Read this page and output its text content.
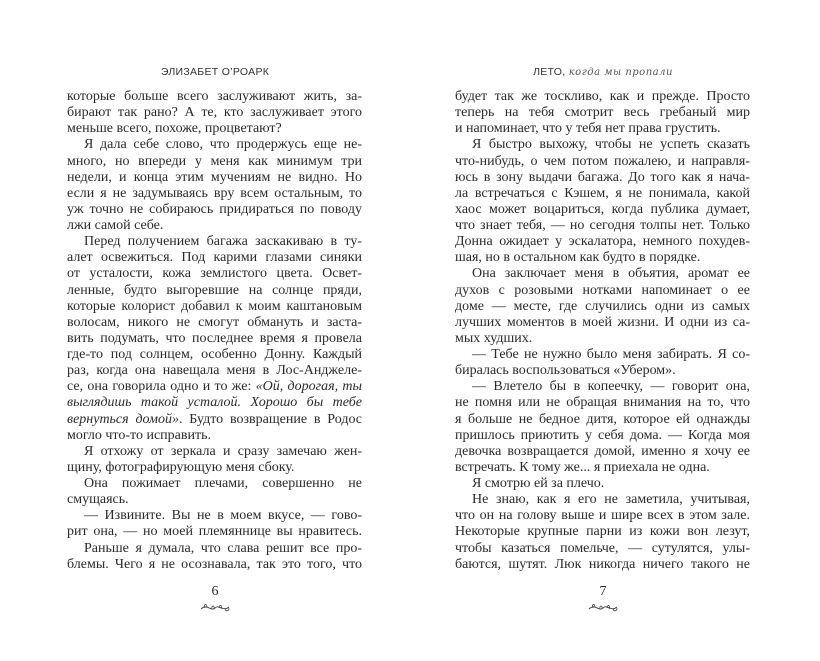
ЭЛИЗАБЕТ О’РОАРК
которые больше всего заслуживают жить, за-
бирают так рано? А те, кто заслуживает этого
меньше всего, похоже, процветают?
Я дала себе слово, что продержусь еще не-
много, но впереди у меня как минимум три
недели, и конца этим мучениям не видно. Но
если я не задумываясь вру всем остальным, то
уж точно не собираюсь придираться по поводу
лжи самой себе.
Перед получением багажа заскакиваю в ту-
алет освежиться. Под карими глазами синяки
от усталости, кожа землистого цвета. Освет-
ленные, будто выгоревшие на солнце пряди,
которые колорист добавил к моим каштановым
волосам, никого не смогут обмануть и заста-
вить подумать, что последнее время я провела
где-то под солнцем, особенно Донну. Каждый
раз, когда она навещала меня в Лос-Анджеле-
се, она говорила одно и то же: «Ой, дорогая, ты
выглядишь такой усталой. Хорошо бы тебе
вернуться домой». Будто возвращение в Родос
могло что-то исправить.
Я отхожу от зеркала и сразу замечаю жен-
щину, фотографирующую меня сбоку.
Она пожимает плечами, совершенно не
смущаясь.
— Извините. Вы не в моем вкусе, — гово-
рит она, — но моей племяннице вы нравитесь.
Раньше я думала, что слава решит все про-
блемы. Чего я не осознавала, так это того, что
6
ЛЕТО, когда мы пропали
будет так же тоскливо, как и прежде. Просто
теперь на тебя смотрит весь гребаный мир
и напоминает, что у тебя нет права грустить.
Я быстро выхожу, чтобы не успеть сказать
что-нибудь, о чем потом пожалею, и направля-
юсь в зону выдачи багажа. До того как я нача-
ла встречаться с Кэшем, я не понимала, какой
хаос может воцариться, когда публика думает,
что знает тебя, — но сегодня толпы нет. Только
Донна ожидает у эскалатора, немного похудев-
шая, но в остальном как будто в порядке.
Она заключает меня в объятия, аромат ее
духов с розовыми нотками напоминает о ее
доме — месте, где случились одни из самых
лучших моментов в моей жизни. И одни из са-
мых худших.
— Тебе не нужно было меня забирать. Я со-
биралась воспользоваться «Убером».
— Влетело бы в копеечку, — говорит она,
не помня или не обращая внимания на то, что
я больше не бедное дитя, которое ей однажды
пришлось приютить у себя дома. — Когда моя
девочка возвращается домой, именно я хочу ее
встречать. К тому же... я приехала не одна.
Я смотрю ей за плечо.
Не знаю, как я его не заметила, учитывая,
что он на голову выше и шире всех в этом зале.
Некоторые крупные парни из кожи вон лезут,
чтобы казаться помельче, — сутулятся, улы-
баются, шутят. Люк никогда ничего такого не
7
